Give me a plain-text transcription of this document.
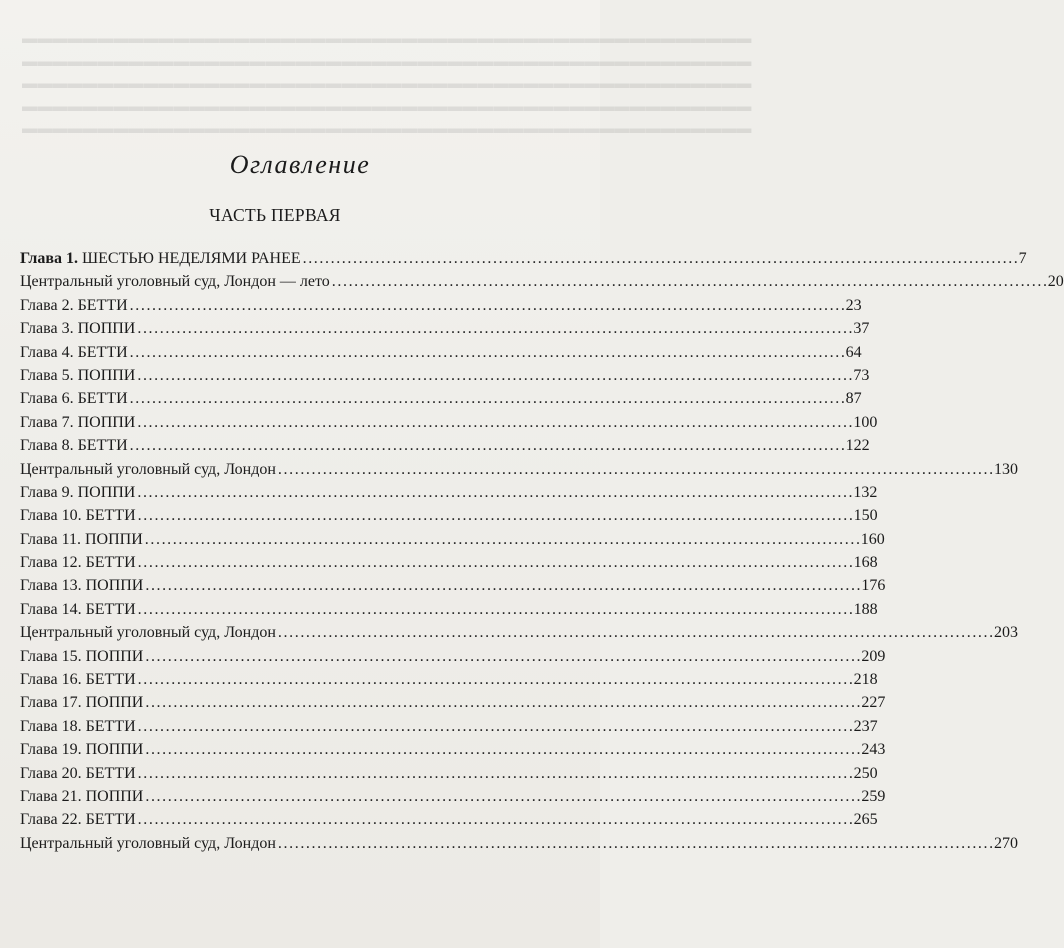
▬▬▬▬▬▬▬▬▬▬▬▬▬▬▬▬▬▬▬▬▬▬▬▬▬▬▬▬▬▬▬▬▬▬▬▬▬▬▬▬▬▬▬▬▬▬▬▬
▬▬▬▬▬▬▬▬▬▬▬▬▬▬▬▬▬▬▬▬▬▬▬▬▬▬▬▬▬▬▬▬▬▬▬▬▬▬▬▬▬▬▬▬▬▬▬▬
▬▬▬▬▬▬▬▬▬▬▬▬▬▬▬▬▬▬▬▬▬▬▬▬▬▬▬▬▬▬▬▬▬▬▬▬▬▬▬▬▬▬▬▬▬▬▬▬
▬▬▬▬▬▬▬▬▬▬▬▬▬▬▬▬▬▬▬▬▬▬▬▬▬▬▬▬▬▬▬▬▬▬▬▬▬▬▬▬▬▬▬▬▬▬▬▬
▬▬▬▬▬▬▬▬▬▬▬▬▬▬▬▬▬▬▬▬▬▬▬▬▬▬▬▬▬▬▬▬▬▬▬▬▬▬▬▬▬▬▬▬▬▬▬▬
Оглавление
ЧАСТЬ ПЕРВАЯ
Глава 1. ШЕСТЬЮ НЕДЕЛЯМИ РАНЕЕ . . .	7
Центральный уголовный суд, Лондон — лето . . .	20
Глава 2. БЕТТИ . . .	23
Глава 3. ПОППИ . . .	37
Глава 4. БЕТТИ . . .	64
Глава 5. ПОППИ . . .	73
Глава 6. БЕТТИ . . .	87
Глава 7. ПОППИ . . .	100
Глава 8. БЕТТИ . . .	122
Центральный уголовный суд, Лондон . . .	130
Глава 9. ПОППИ . . .	132
Глава 10. БЕТТИ . . .	150
Глава 11. ПОППИ . . .	160
Глава 12. БЕТТИ . . .	168
Глава 13. ПОППИ . . .	176
Глава 14. БЕТТИ . . .	188
Центральный уголовный суд, Лондон . . .	203
Глава 15. ПОППИ . . .	209
Глава 16. БЕТТИ . . .	218
Глава 17. ПОППИ . . .	227
Глава 18. БЕТТИ . . .	237
Глава 19. ПОППИ . . .	243
Глава 20. БЕТТИ . . .	250
Глава 21. ПОППИ . . .	259
Глава 22. БЕТТИ . . .	265
Центральный уголовный суд, Лондон . . .	270
